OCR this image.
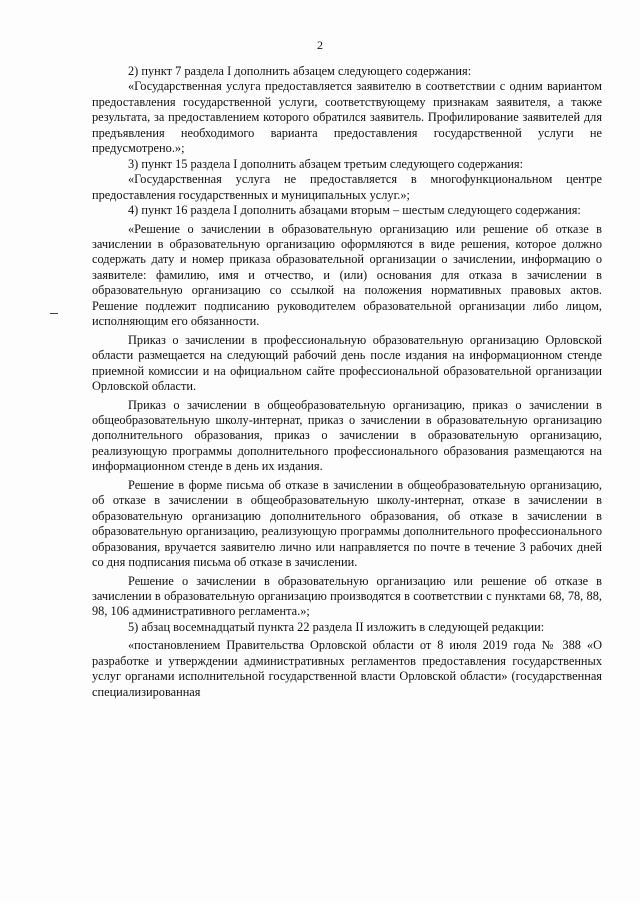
2

2) пункт 7 раздела I дополнить абзацем следующего содержания:

«Государственная услуга предоставляется заявителю в соответствии с одним вариантом предоставления государственной услуги, соответствующему признакам заявителя, а также результата, за предоставлением которого обратился заявитель. Профилирование заявителей для предъявления необходимого варианта предоставления государственной услуги не предусмотрено.»;

3) пункт 15 раздела I дополнить абзацем третьим следующего содержания:

«Государственная услуга не предоставляется в многофункциональном центре предоставления государственных и муниципальных услуг.»;

4) пункт 16 раздела I дополнить абзацами вторым – шестым следующего содержания:

«Решение о зачислении в образовательную организацию или решение об отказе в зачислении в образовательную организацию оформляются в виде решения, которое должно содержать дату и номер приказа образовательной организации о зачислении, информацию о заявителе: фамилию, имя и отчество, и (или) основания для отказа в зачислении в образовательную организацию со ссылкой на положения нормативных правовых актов. Решение подлежит подписанию руководителем образовательной организации либо лицом, исполняющим его обязанности.

Приказ о зачислении в профессиональную образовательную организацию Орловской области размещается на следующий рабочий день после издания на информационном стенде приемной комиссии и на официальном сайте профессиональной образовательной организации Орловской области.

Приказ о зачислении в общеобразовательную организацию, приказ о зачислении в общеобразовательную школу-интернат, приказ о зачислении в образовательную организацию дополнительного образования, приказ о зачислении в образовательную организацию, реализующую программы дополнительного профессионального образования размещаются на информационном стенде в день их издания.

Решение в форме письма об отказе в зачислении в общеобразовательную организацию, об отказе в зачислении в общеобразовательную школу-интернат, отказе в зачислении в образовательную организацию дополнительного образования, об отказе в зачислении в образовательную организацию, реализующую программы дополнительного профессионального образования, вручается заявителю лично или направляется по почте в течение 3 рабочих дней со дня подписания письма об отказе в зачислении.

Решение о зачислении в образовательную организацию или решение об отказе в зачислении в образовательную организацию производятся в соответствии с пунктами 68, 78, 88, 98, 106 административного регламента.»;

5) абзац восемнадцатый пункта 22 раздела II изложить в следующей редакции:

«постановлением Правительства Орловской области от 8 июля 2019 года № 388 «О разработке и утверждении административных регламентов предоставления государственных услуг органами исполнительной государственной власти Орловской области» (государственная специализированная
